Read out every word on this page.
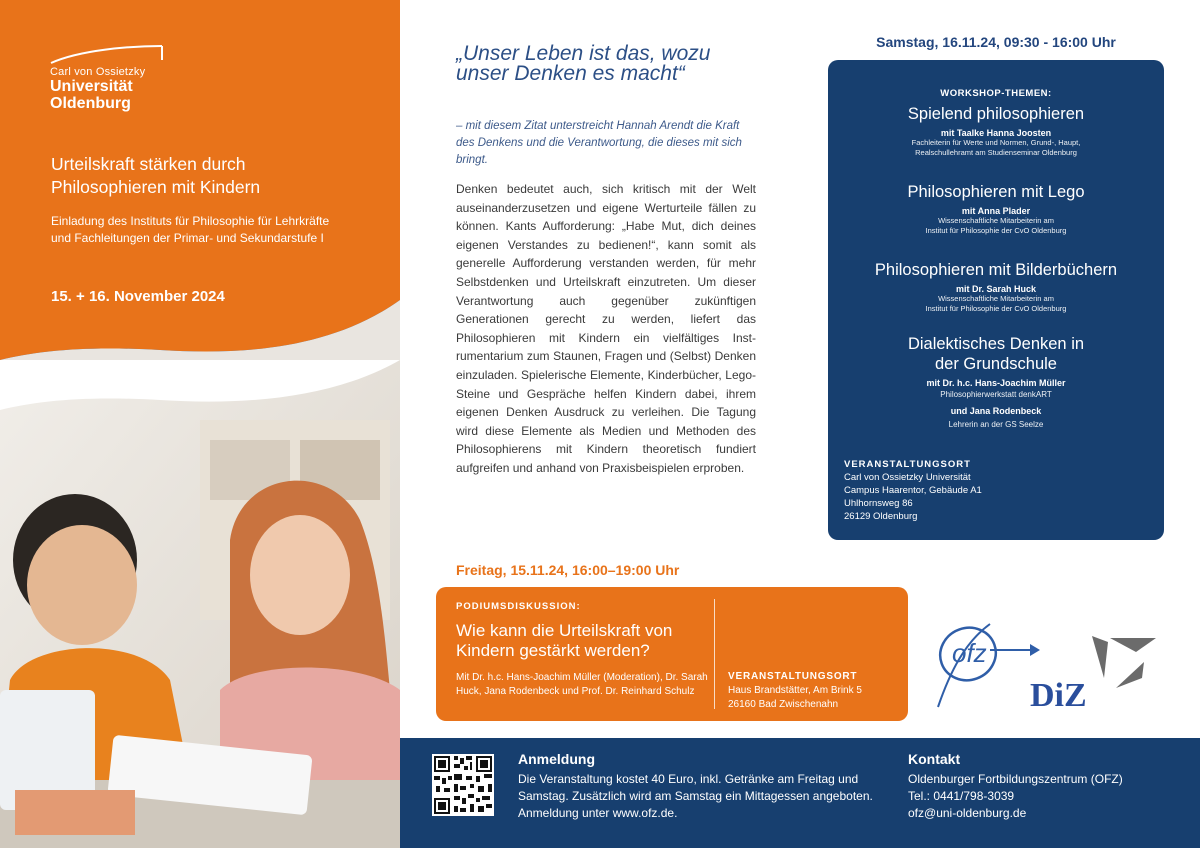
Carl von Ossietzky
Universität
Oldenburg
Urteilskraft stärken durch Philosophieren mit Kindern
Einladung des Instituts für Philosophie für Lehrkräfte und Fachleitungen der Primar- und Sekundarstufe I
15. + 16. November 2024
„Unser Leben ist das, wozu unser Denken es macht“
– mit diesem Zitat unterstreicht Hannah Arendt die Kraft des Denkens und die Verantwortung, die dieses mit sich bringt.
Denken bedeutet auch, sich kritisch mit der Welt auseinanderzusetzen und eigene Werturteile fällen zu können. Kants Aufforderung: „Habe Mut, dich deines eigenen Verstandes zu bedienen!“, kann somit als generelle Aufforderung verstanden werden, für mehr Selbstdenken und Urteilskraft einzutreten. Um dieser Verantwortung auch gegenüber zukünftigen Generationen gerecht zu werden, liefert das Philosophieren mit Kindern ein vielfältiges Instrumentarium zum Staunen, Fragen und (Selbst) Denken einzuladen. Spielerische Elemente, Kinderbücher, Lego-Steine und Gespräche helfen Kindern dabei, ihrem eigenen Denken Ausdruck zu verleihen. Die Tagung wird diese Elemente als Medien und Methoden des Philosophierens mit Kindern theoretisch fundiert aufgreifen und anhand von Praxisbeispielen erproben.
Freitag, 15.11.24, 16:00–19:00 Uhr
PODIUMSDISKUSSION:
Wie kann die Urteilskraft von Kindern gestärkt werden?
Mit Dr. h.c. Hans-Joachim Müller (Moderation), Dr. Sarah Huck, Jana Rodenbeck und Prof. Dr. Reinhard Schulz
VERANSTALTUNGSORT
Haus Brandstätter, Am Brink 5
26160 Bad Zwischenahn
Samstag, 16.11.24, 09:30 - 16:00 Uhr
WORKSHOP-THEMEN:
Spielend philosophieren
mit Taalke Hanna Joosten
Fachleiterin für Werte und Normen, Grund-, Haupt,
Realschullehramt am Studienseminar Oldenburg
Philosophieren mit Lego
mit Anna Plader
Wissenschaftliche Mitarbeiterin am
Institut für Philosophie der CvO Oldenburg
Philosophieren mit Bilderbüchern
mit Dr. Sarah Huck
Wissenschaftliche Mitarbeiterin am
Institut für Philosophie der CvO Oldenburg
Dialektisches Denken in
der Grundschule
mit Dr. h.c. Hans-Joachim Müller
Philosophierwerkstatt denkART
und Jana Rodenbeck
Lehrerin an der GS Seelze
VERANSTALTUNGSORT
Carl von Ossietzky Universität
Campus Haarentor, Gebäude A1
Uhlhornsweg 86
26129 Oldenburg
ofz
DiZ
Anmeldung
Die Veranstaltung kostet 40 Euro, inkl. Getränke am Freitag und Samstag. Zusätzlich wird am Samstag ein Mittagessen angeboten. Anmeldung unter www.ofz.de.
Kontakt
Oldenburger Fortbildungszentrum (OFZ)
Tel.: 0441/798-3039
ofz@uni-oldenburg.de
